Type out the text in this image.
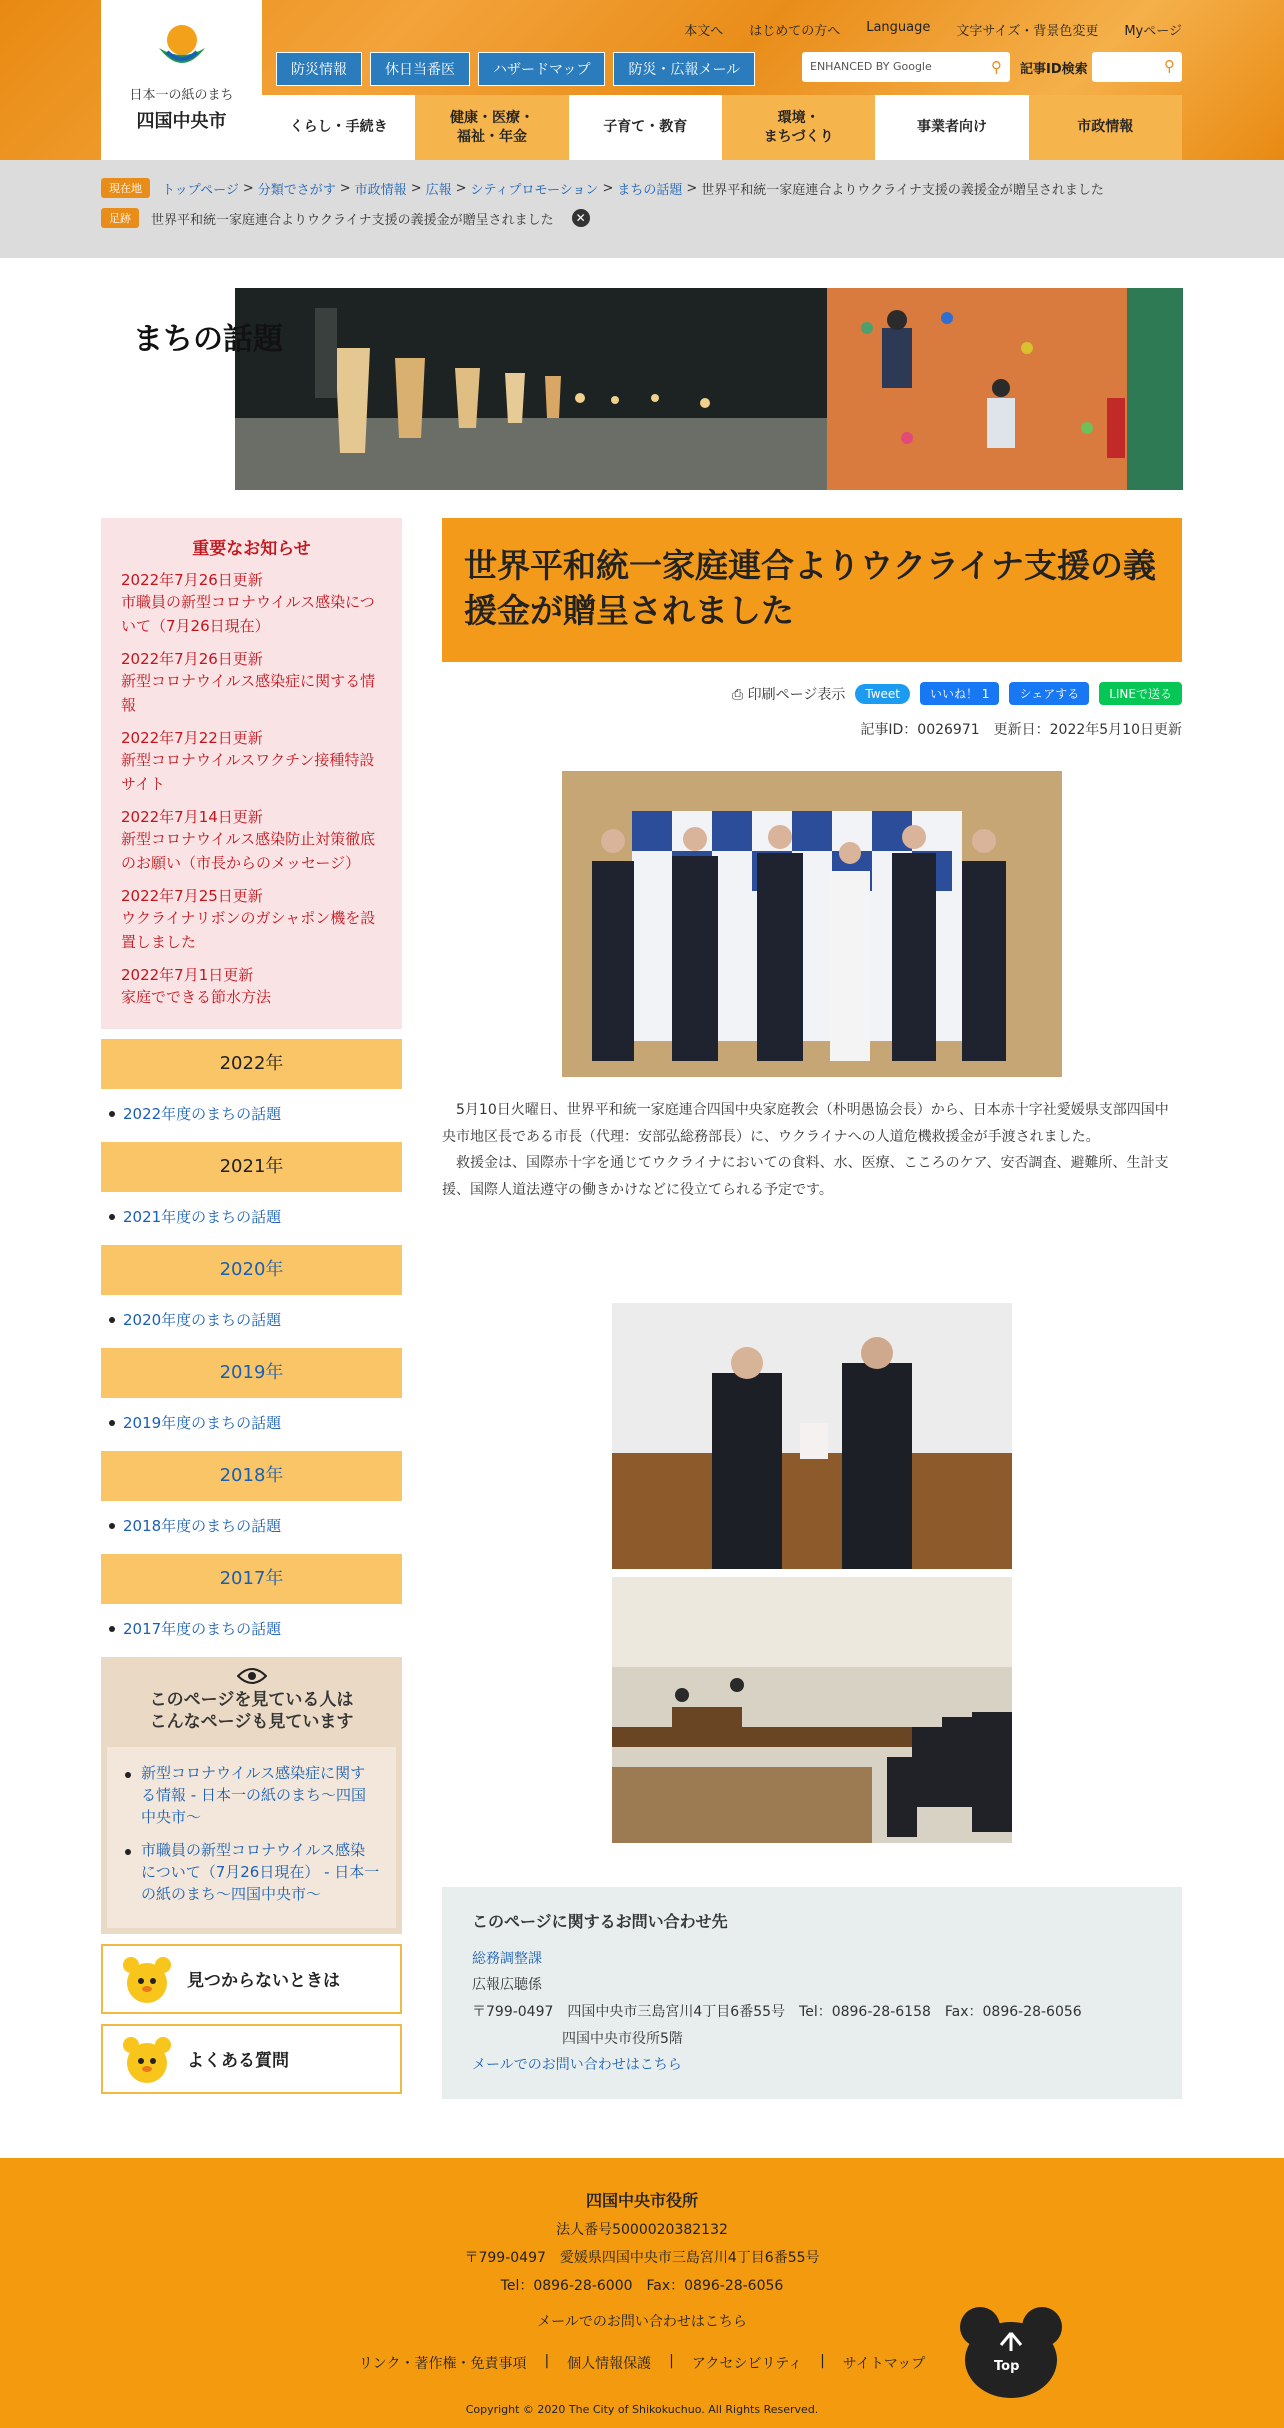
日本一の紙のまち
四国中央市
本文へ はじめての方へ Language 文字サイズ・背景色変更 Myページ
防災情報	休日当番医	ハザードマップ	防災・広報メール	ENHANCED BY Google	⚲ 記事ID検索	⚲
くらし・手続き
健康・医療・
福祉・年金
子育て・教育
環境・
まちづくり
事業者向け	市政情報
現在地	トップページ > 分類でさがす > 市政情報 > 広報 > シティプロモーション > まちの話題 > 世界平和統一家庭連合よりウクライナ支援の義援金が贈呈されました
足跡	世界平和統一家庭連合よりウクライナ支援の義援金が贈呈されました	✕
まちの話題
重要なお知らせ
2022年7月26日更新
市職員の新型コロナウイルス感染について（7月26日現在）
2022年7月26日更新
新型コロナウイルス感染症に関する情報
2022年7月22日更新
新型コロナウイルスワクチン接種特設サイト
2022年7月14日更新
新型コロナウイルス感染防止対策徹底のお願い（市長からのメッセージ）
2022年7月25日更新
ウクライナリボンのガシャポン機を設置しました
2022年7月1日更新
家庭でできる節水方法
2022年
2022年度のまちの話題
2021年
2021年度のまちの話題
2020年
2020年度のまちの話題
2019年
2019年度のまちの話題
2018年
2018年度のまちの話題
2017年
2017年度のまちの話題
このページを見ている人は
こんなページも見ています
新型コロナウイルス感染症に関する情報 - 日本一の紙のまち～四国中央市～
市職員の新型コロナウイルス感染について（7月26日現在） - 日本一の紙のまち～四国中央市～
見つからないときは
よくある質問
世界平和統一家庭連合よりウクライナ支援の義援金が贈呈されました
⎙ 印刷ページ表示	Tweet	いいね！ 1	シェアする	LINEで送る
記事ID：0026971　更新日：2022年5月10日更新

5月10日火曜日、世界平和統一家庭連合四国中央家庭教会（朴明愚協会長）から、日本赤十字社愛媛県支部四国中央市地区長である市長（代理：安部弘総務部長）に、ウクライナへの人道危機救援金が手渡されました。

救援金は、国際赤十字を通じてウクライナにおいての食料、水、医療、こころのケア、安否調査、避難所、生計支援、国際人道法遵守の働きかけなどに役立てられる予定です。

このページに関するお問い合わせ先
総務調整課
広報広聴係
〒799-0497　四国中央市三島宮川4丁目6番55号　Tel：0896-28-6158　Fax：0896-28-6056
四国中央市役所5階
メールでのお問い合わせはこちら
四国中央市役所

法人番号5000020382132

〒799-0497　愛媛県四国中央市三島宮川4丁目6番55号

Tel：0896-28-6000　Fax：0896-28-6056

メールでのお問い合わせはこちら

リンク・著作権・免責事項 | 個人情報保護 | アクセシビリティ | サイトマップ
Copyright © 2020 The City of Shikokuchuo. All Rights Reserved.
Top
